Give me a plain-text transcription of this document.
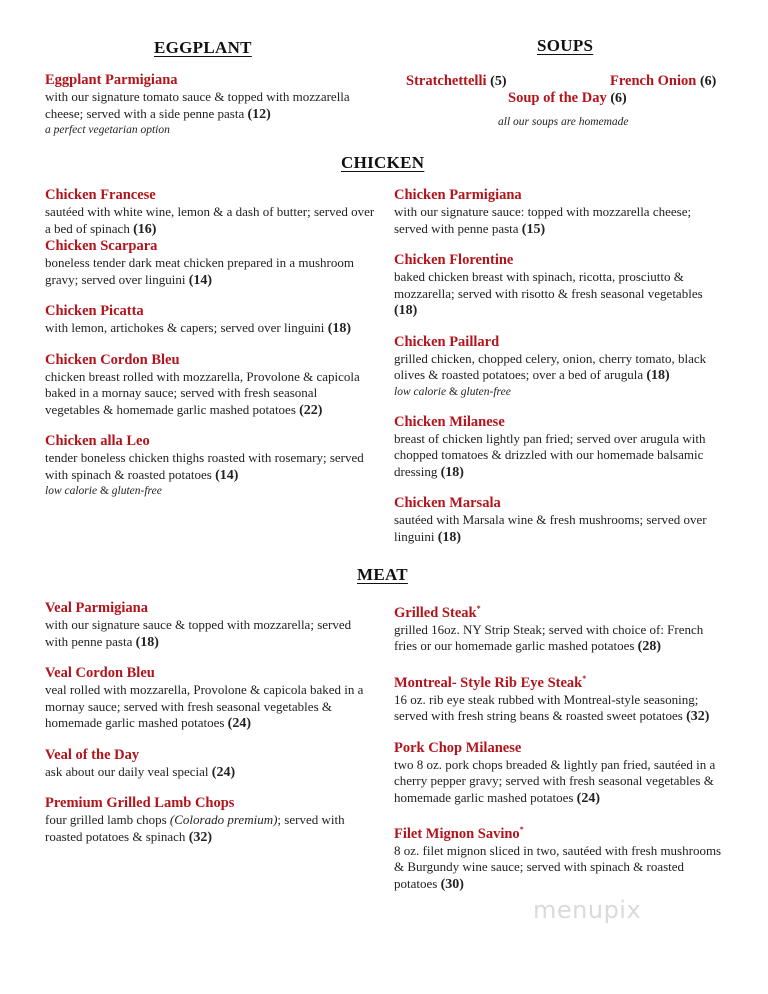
EGGPLANT
Eggplant Parmigiana
with our signature tomato sauce & topped with mozzarella cheese; served with a side penne pasta (12)
a perfect vegetarian option
SOUPS
Stratchettelli (5)	French Onion (6)
Soup of the Day (6)
all our soups are homemade
CHICKEN
Chicken Francese
sautéed with white wine, lemon & a dash of butter; served over a bed of spinach (16)
Chicken Scarpara
boneless tender dark meat chicken prepared in a mushroom gravy; served over linguini (14)
Chicken Picatta
with lemon, artichokes & capers; served over linguini (18)
Chicken Cordon Bleu
chicken breast rolled with mozzarella, Provolone & capicola baked in a mornay sauce; served with fresh seasonal vegetables & homemade garlic mashed potatoes (22)
Chicken alla Leo
tender boneless chicken thighs roasted with rosemary; served with spinach & roasted potatoes (14)
low calorie & gluten-free
Chicken Parmigiana
with our signature sauce: topped with mozzarella cheese; served with penne pasta (15)
Chicken Florentine
baked chicken breast with spinach, ricotta, prosciutto & mozzarella; served with risotto & fresh seasonal vegetables (18)
Chicken Paillard
grilled chicken, chopped celery, onion, cherry tomato, black olives & roasted potatoes; over a bed of arugula (18)
low calorie & gluten-free
Chicken Milanese
breast of chicken lightly pan fried; served over arugula with chopped tomatoes & drizzled with our homemade balsamic dressing (18)
Chicken Marsala
sautéed with Marsala wine & fresh mushrooms; served over linguini (18)
MEAT
Veal Parmigiana
with our signature sauce & topped with mozzarella; served with penne pasta (18)
Veal Cordon Bleu
veal rolled with mozzarella, Provolone & capicola baked in a mornay sauce; served with fresh seasonal vegetables & homemade garlic mashed potatoes (24)
Veal of the Day
ask about our daily veal special (24)
Premium Grilled Lamb Chops
four grilled lamb chops (Colorado premium); served with roasted potatoes & spinach (32)
Grilled Steak*
grilled 16oz. NY Strip Steak; served with choice of: French fries or our homemade garlic mashed potatoes (28)
Montreal- Style Rib Eye Steak*
16 oz. rib eye steak rubbed with Montreal-style seasoning; served with fresh string beans & roasted sweet potatoes (32)
Pork Chop Milanese
two 8 oz. pork chops breaded & lightly pan fried, sautéed in a cherry pepper gravy; served with fresh seasonal vegetables & homemade garlic mashed potatoes (24)
Filet Mignon Savino*
8 oz. filet mignon sliced in two, sautéed with fresh mushrooms & Burgundy wine sauce; served with spinach & roasted potatoes (30)
menupix
